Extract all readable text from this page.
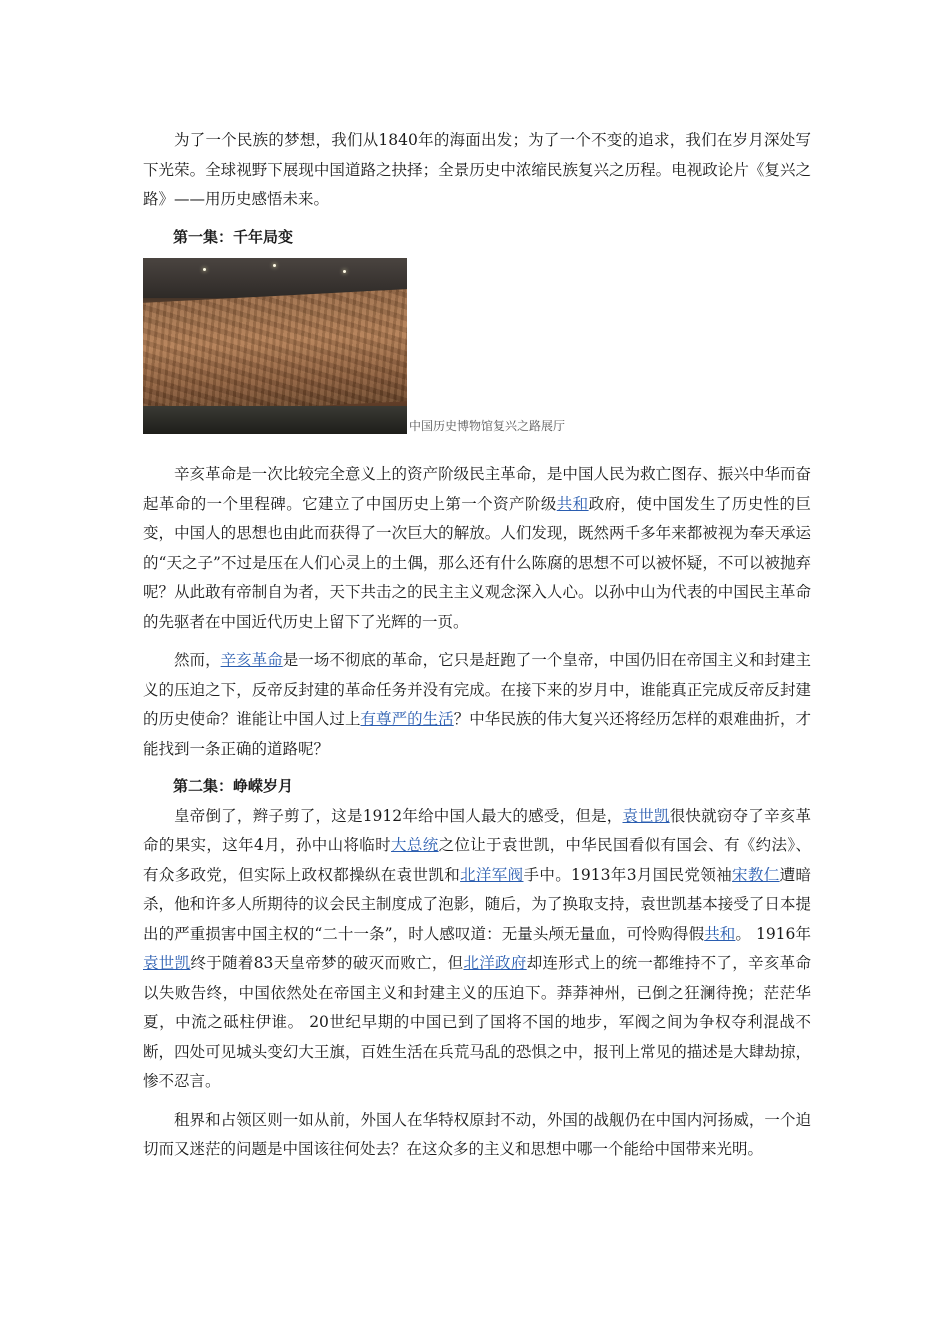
为了一个民族的梦想，我们从1840年的海面出发；为了一个不变的追求，我们在岁月深处写下光荣。全球视野下展现中国道路之抉择；全景历史中浓缩民族复兴之历程。电视政论片《复兴之路》——用历史感悟未来。

第一集：千年局变
中国历史博物馆复兴之路展厅

辛亥革命是一次比较完全意义上的资产阶级民主革命，是中国人民为救亡图存、振兴中华而奋起革命的一个里程碑。它建立了中国历史上第一个资产阶级共和政府，使中国发生了历史性的巨变，中国人的思想也由此而获得了一次巨大的解放。人们发现，既然两千多年来都被视为奉天承运的“天之子”不过是压在人们心灵上的土偶，那么还有什么陈腐的思想不可以被怀疑，不可以被抛弃呢？从此敢有帝制自为者，天下共击之的民主主义观念深入人心。以孙中山为代表的中国民主革命的先驱者在中国近代历史上留下了光辉的一页。

然而，辛亥革命是一场不彻底的革命，它只是赶跑了一个皇帝，中国仍旧在帝国主义和封建主义的压迫之下，反帝反封建的革命任务并没有完成。在接下来的岁月中，谁能真正完成反帝反封建的历史使命？谁能让中国人过上有尊严的生活？中华民族的伟大复兴还将经历怎样的艰难曲折，才能找到一条正确的道路呢？

第二集：峥嵘岁月

皇帝倒了，辫子剪了，这是1912年给中国人最大的感受，但是，袁世凯很快就窃夺了辛亥革命的果实，这年4月，孙中山将临时大总统之位让于袁世凯，中华民国看似有国会、有《约法》、有众多政党，但实际上政权都操纵在袁世凯和北洋军阀手中。1913年3月国民党领袖宋教仁遭暗杀，他和许多人所期待的议会民主制度成了泡影，随后，为了换取支持，袁世凯基本接受了日本提出的严重损害中国主权的“二十一条”，时人感叹道：无量头颅无量血，可怜购得假共和。 1916年袁世凯终于随着83天皇帝梦的破灭而败亡，但北洋政府却连形式上的统一都维持不了，辛亥革命以失败告终，中国依然处在帝国主义和封建主义的压迫下。莽莽神州，已倒之狂澜待挽；茫茫华夏，中流之砥柱伊谁。 20世纪早期的中国已到了国将不国的地步，军阀之间为争权夺利混战不断，四处可见城头变幻大王旗，百姓生活在兵荒马乱的恐惧之中，报刊上常见的描述是大肆劫掠，惨不忍言。

租界和占领区则一如从前，外国人在华特权原封不动，外国的战舰仍在中国内河扬威，一个迫切而又迷茫的问题是中国该往何处去？在这众多的主义和思想中哪一个能给中国带来光明。
